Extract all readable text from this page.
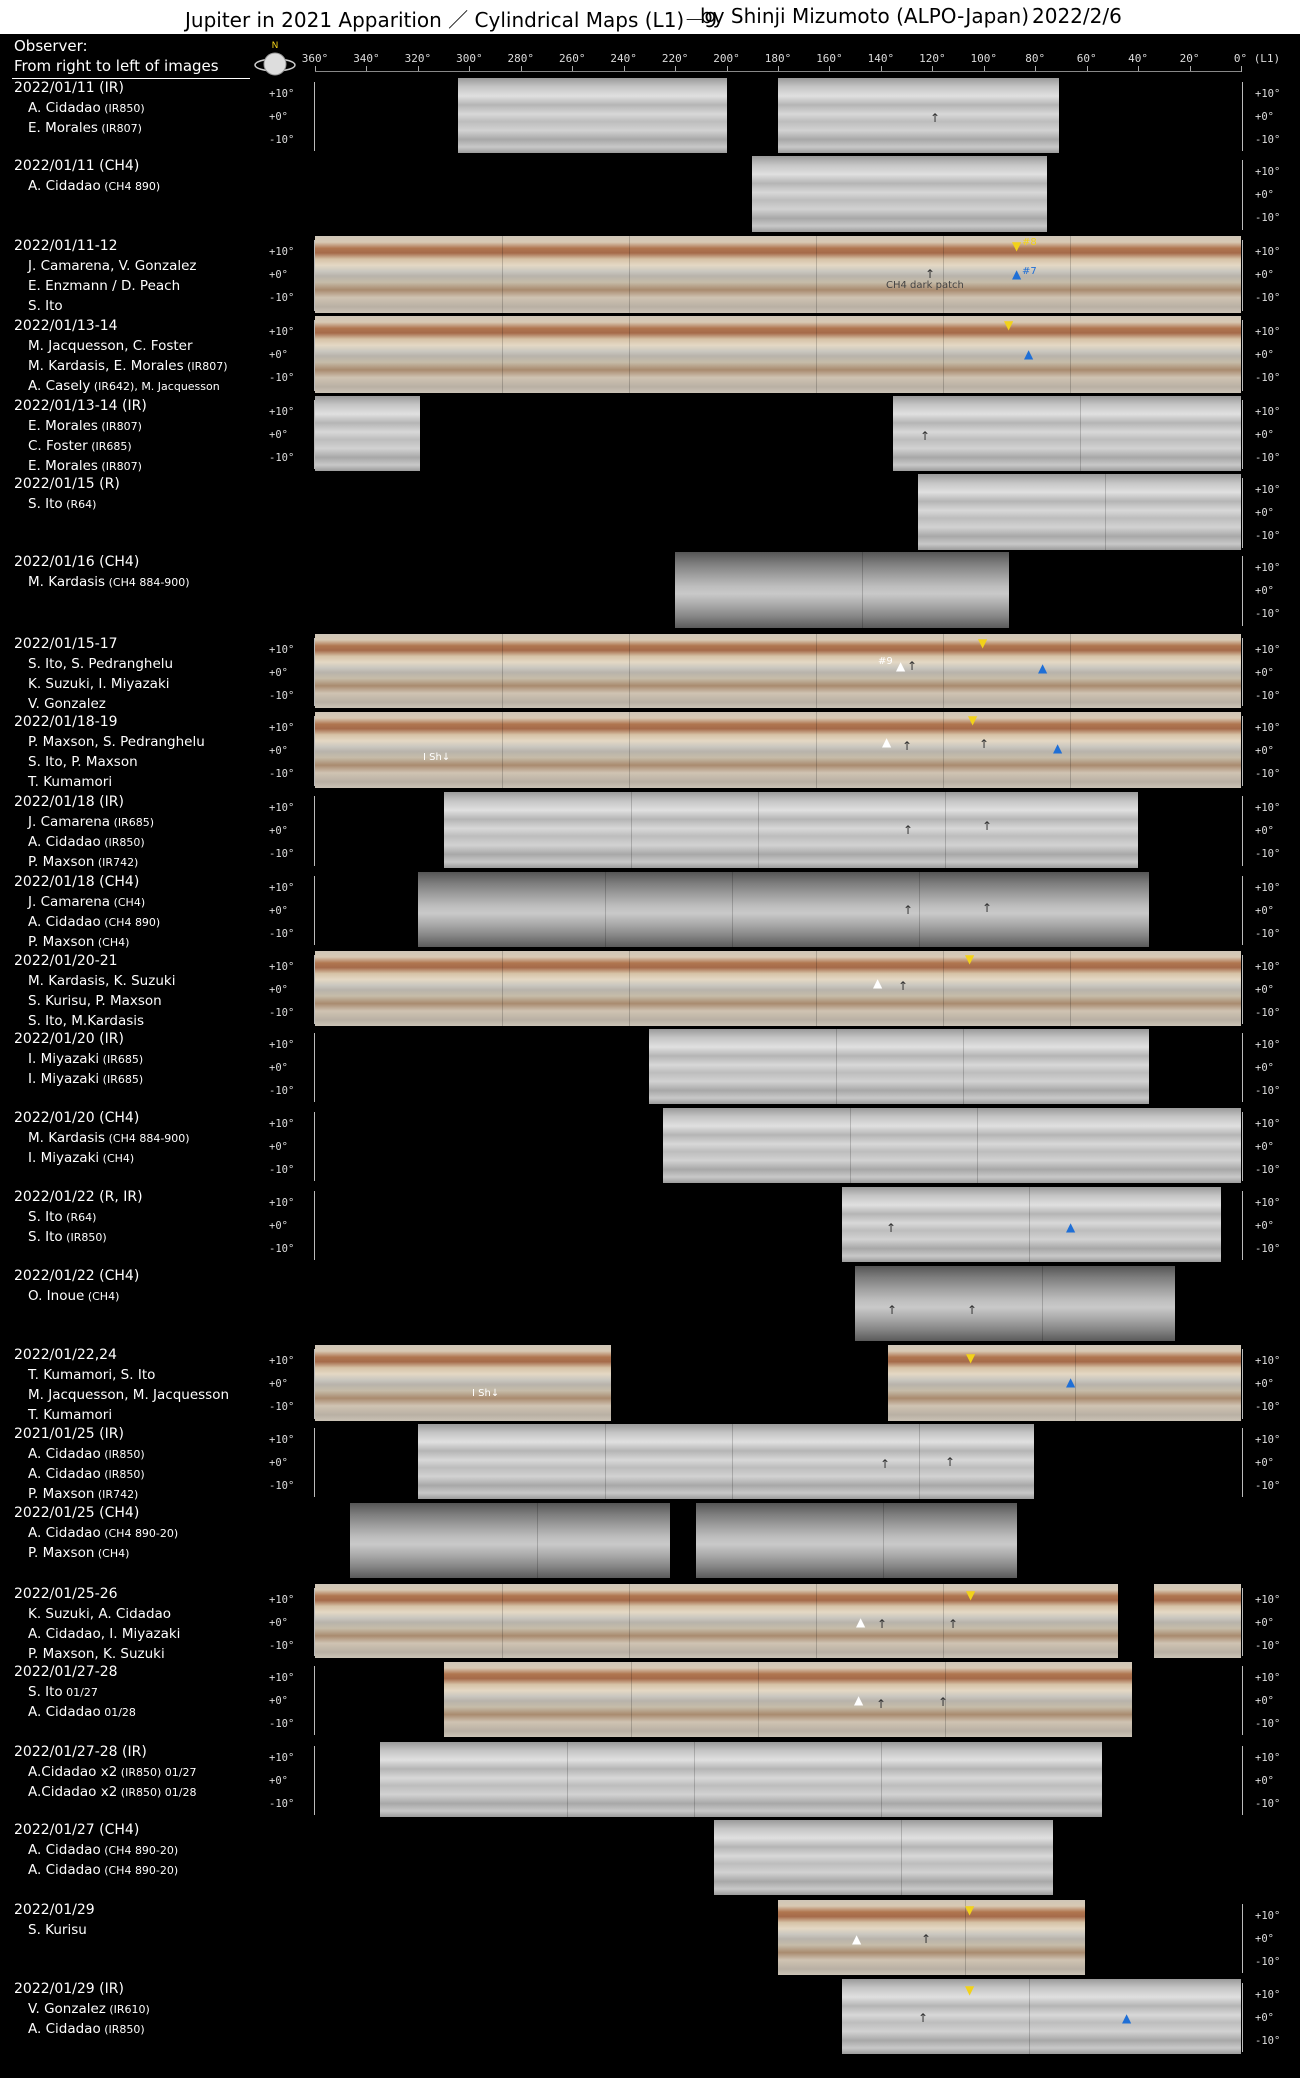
Jupiter in 2021 Apparition ／ Cylindrical Maps (L1)－9
by Shinji Mizumoto (ALPO-Japan) 2022/2/6
Observer:
From right to left of images
N
360° 340° 320° 300° 280° 260° 240° 220° 200° 180° 160° 140° 120° 100°	80°	60°	40°	20°	0° (L1)
2022/01/11 (IR)
A. Cidadao (IR850)
E. Morales (IR807)
+10°
+0°
-10°
+10°
+0°
-10°
↑
2022/01/11 (CH4)
A. Cidadao (CH4 890)
+10°
+0°
-10°
2022/01/11-12
J. Camarena, V. Gonzalez
E. Enzmann / D. Peach
S. Ito
+10°
+0°
-10°
+10°
+0°
-10°
▼
↑	▲
CH4 dark patch
#8
#7
2022/01/13-14
M. Jacquesson, C. Foster
M. Kardasis, E. Morales (IR807)
A. Casely (IR642), M. Jacquesson
+10°
+0°
-10°
+10°
+0°
-10°
▼
▲
2022/01/13-14 (IR)
E. Morales (IR807)
C. Foster (IR685)
E. Morales (IR807)
+10°
+0°
-10°
+10°
+0°
-10°
↑
2022/01/15 (R)
S. Ito (R64)
+10°
+0°
-10°
2022/01/16 (CH4)
M. Kardasis (CH4 884-900)
+10°
+0°
-10°
2022/01/15-17
S. Ito, S. Pedranghelu
K. Suzuki, I. Miyazaki
V. Gonzalez
+10°
+0°
-10°
+10°
+0°
-10°
▼
▲
▲ ↑
#9
2022/01/18-19
P. Maxson, S. Pedranghelu
S. Ito, P. Maxson
T. Kumamori
+10°
+0°
-10°
+10°
+0°
-10°
▼
▲ ↑	↑	▲
I Sh↓
2022/01/18 (IR)
J. Camarena (IR685)
A. Cidadao (IR850)
P. Maxson (IR742)
+10°
+0°
-10°
+10°
+0°
-10°
↑	↑
2022/01/18 (CH4)
J. Camarena (CH4)
A. Cidadao (CH4 890)
P. Maxson (CH4)
+10°
+0°
-10°
+10°
+0°
-10°
↑	↑
2022/01/20-21
M. Kardasis, K. Suzuki
S. Kurisu, P. Maxson
S. Ito, M.Kardasis
+10°
+0°
-10°
+10°
+0°
-10°
▼
▲ ↑
2022/01/20 (IR)
I. Miyazaki (IR685)
I. Miyazaki (IR685)
+10°
+0°
-10°
+10°
+0°
-10°
2022/01/20 (CH4)
M. Kardasis (CH4 884-900)
I. Miyazaki (CH4)
+10°
+0°
-10°
+10°
+0°
-10°
2022/01/22 (R, IR)
S. Ito (R64)
S. Ito (IR850)
+10°
+0°
-10°
+10°
+0°
-10°
↑	▲
2022/01/22 (CH4)
O. Inoue (CH4)
↑	↑
2022/01/22,24
T. Kumamori, S. Ito
M. Jacquesson, M. Jacquesson
T. Kumamori
+10°
+0°
-10°
+10°
+0°
-10°
▼
▲
I Sh↓
2021/01/25 (IR)
A. Cidadao (IR850)
A. Cidadao (IR850)
P. Maxson (IR742)
+10°
+0°
-10°
+10°
+0°
-10°
↑	↑
2022/01/25 (CH4)
A. Cidadao (CH4 890-20)
P. Maxson (CH4)
2022/01/25-26
K. Suzuki, A. Cidadao
A. Cidadao, I. Miyazaki
P. Maxson, K. Suzuki
+10°
+0°
-10°
+10°
+0°
-10°
▼
▲ ↑	↑
2022/01/27-28
S. Ito 01/27
A. Cidadao 01/28
+10°
+0°
-10°
+10°
+0°
-10°
▲ ↑	↑
2022/01/27-28 (IR)
A.Cidadao x2 (IR850) 01/27
A.Cidadao x2 (IR850) 01/28
+10°
+0°
-10°
+10°
+0°
-10°
2022/01/27 (CH4)
A. Cidadao (CH4 890-20)
A. Cidadao (CH4 890-20)
2022/01/29
S. Kurisu
+10°
+0°
-10°
▼
▲	↑
2022/01/29 (IR)
V. Gonzalez (IR610)
A. Cidadao (IR850)
+10°
+0°
-10°
▼
↑	▲
